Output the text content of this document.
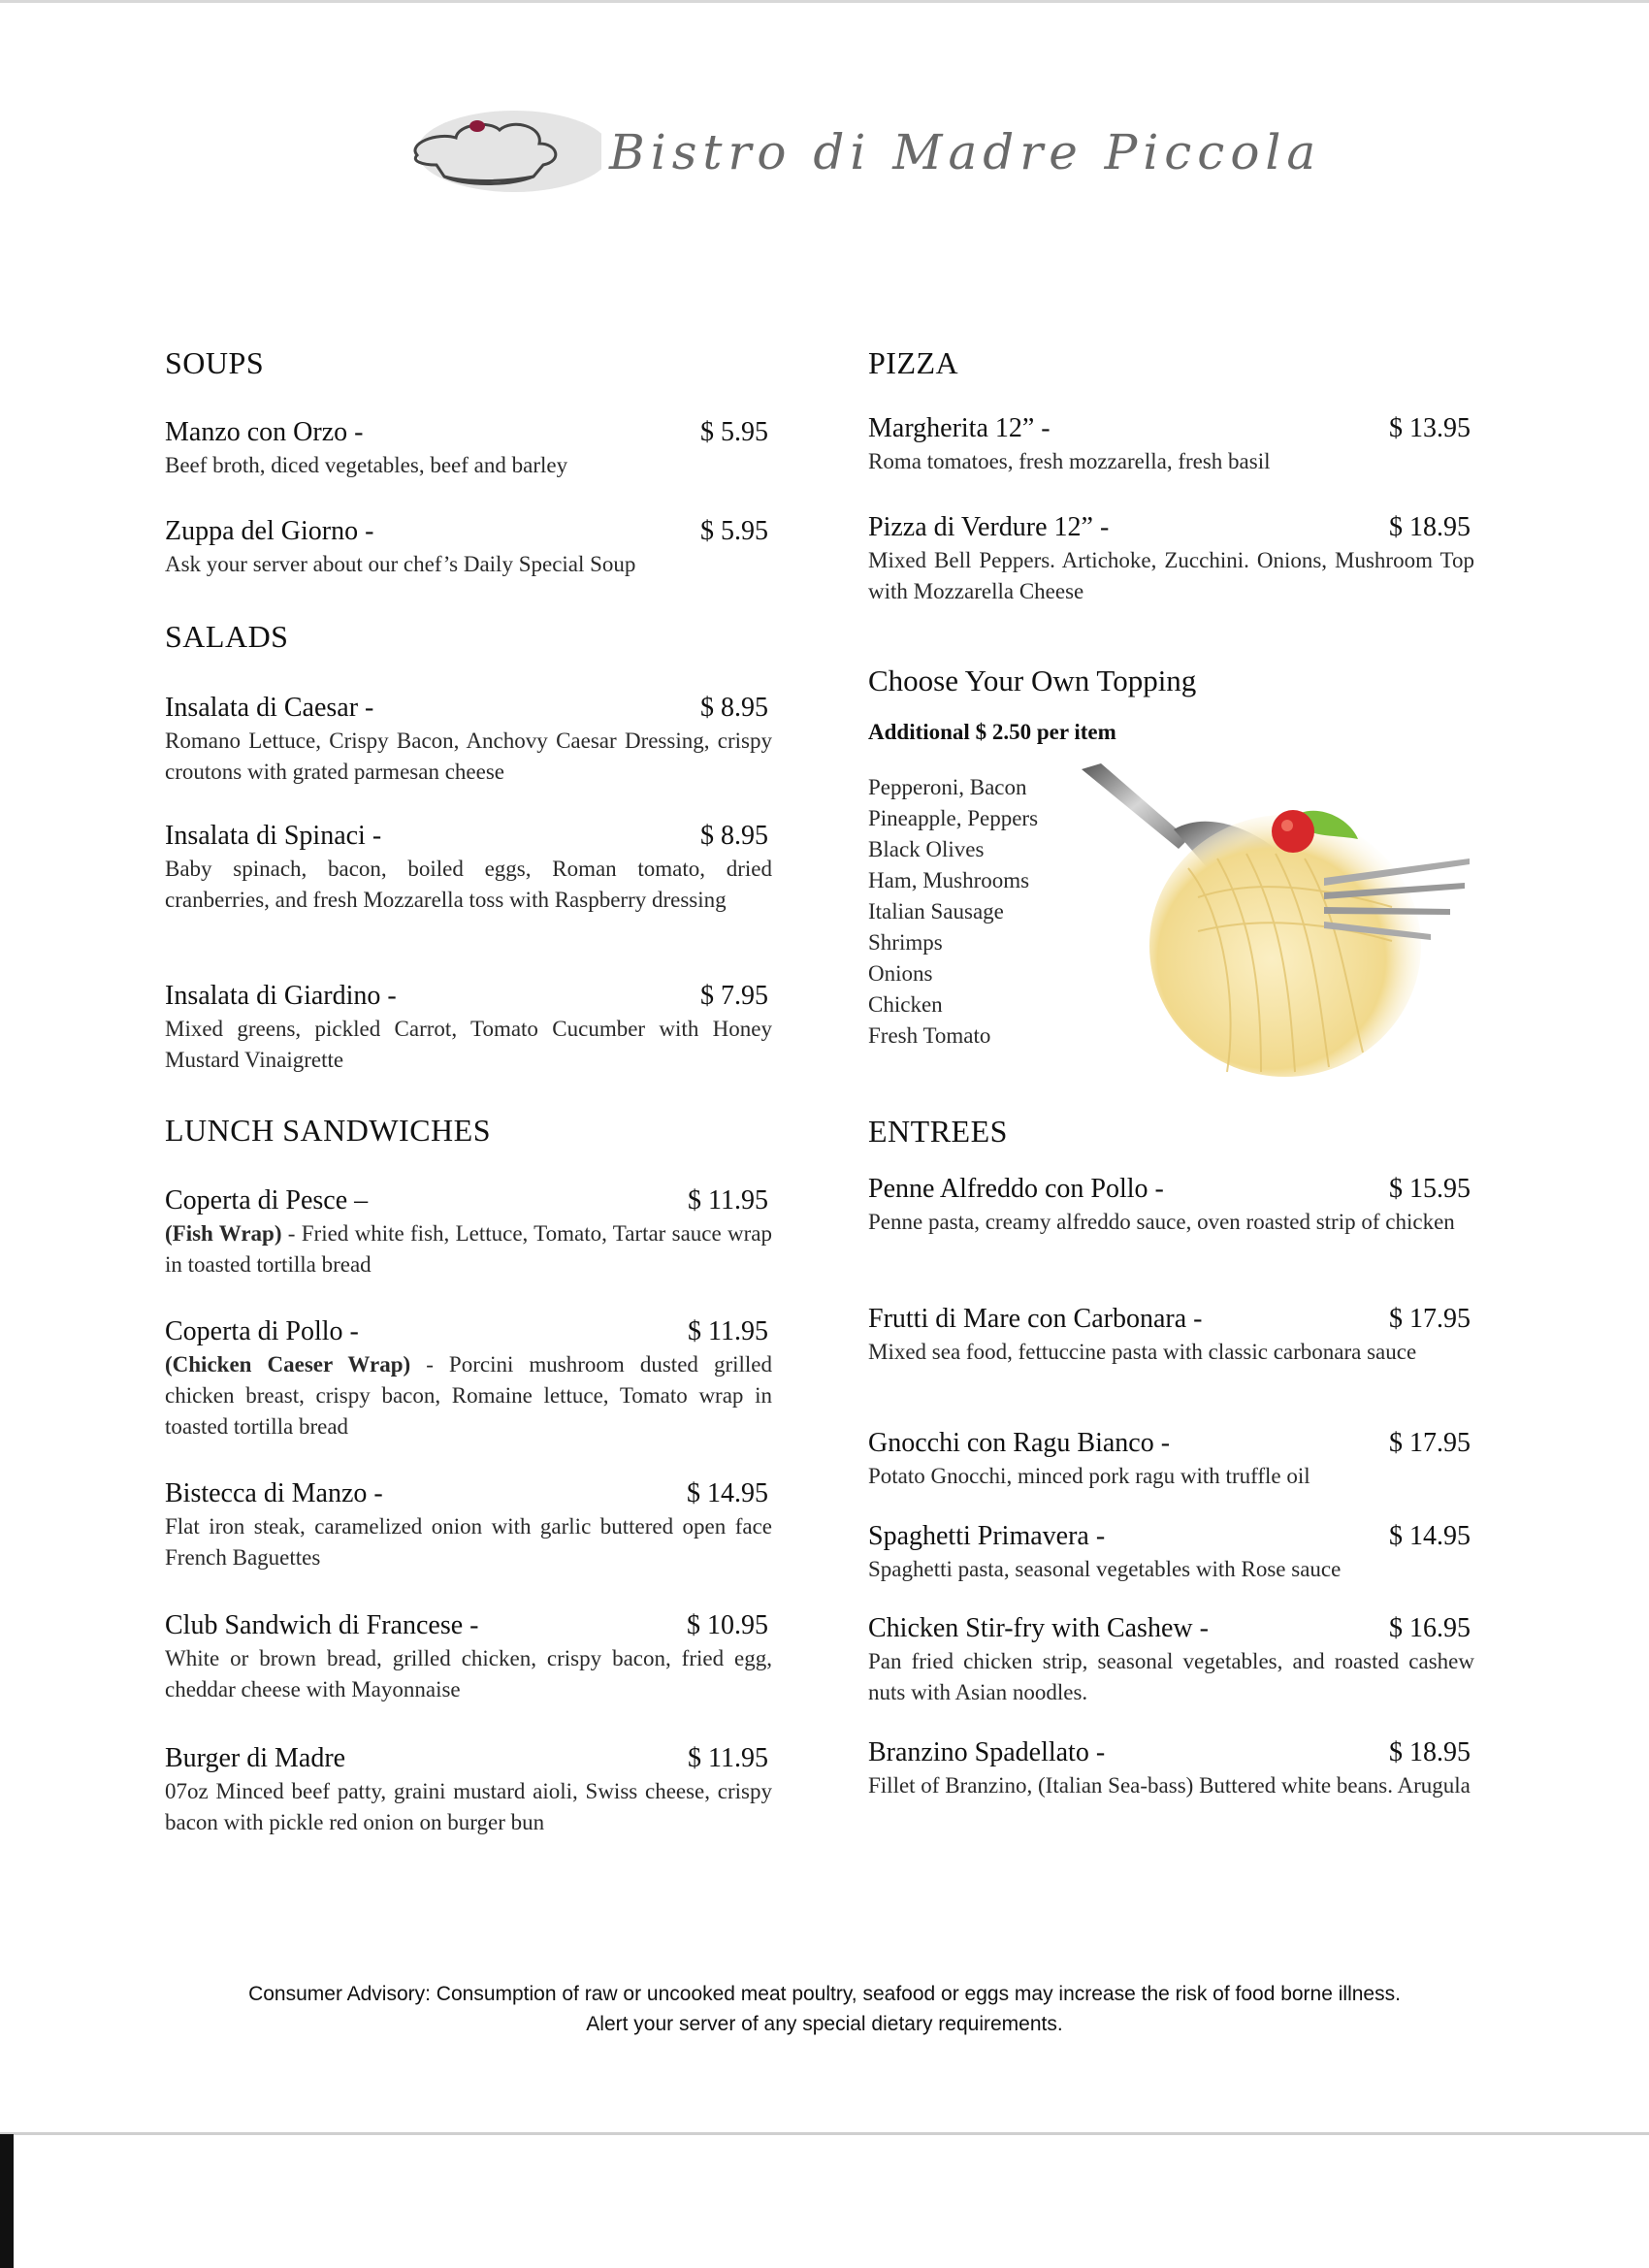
Bistro di Madre Piccola
SOUPS
Manzo con Orzo -	$ 5.95
Beef broth, diced vegetables, beef and barley
Zuppa del Giorno -	$ 5.95
Ask your server about our chef’s Daily Special Soup
SALADS
Insalata di Caesar -	$ 8.95
Romano Lettuce, Crispy Bacon, Anchovy Caesar Dressing, crispy croutons with grated parmesan cheese
Insalata di Spinaci -	$ 8.95
Baby spinach, bacon, boiled eggs, Roman tomato, dried cranberries, and fresh Mozzarella toss with Raspberry dressing
Insalata di Giardino -	$ 7.95
Mixed greens, pickled Carrot, Tomato Cucumber with Honey Mustard Vinaigrette
LUNCH SANDWICHES
Coperta di Pesce –	$ 11.95
(Fish Wrap) - Fried white fish, Lettuce, Tomato, Tartar sauce wrap in toasted tortilla bread
Coperta di Pollo -	$ 11.95
(Chicken Caeser Wrap) - Porcini mushroom dusted grilled chicken breast, crispy bacon, Romaine lettuce, Tomato wrap in toasted tortilla bread
Bistecca di Manzo -	$ 14.95
Flat iron steak, caramelized onion with garlic buttered open face French Baguettes
Club Sandwich di Francese -	$ 10.95
White or brown bread, grilled chicken, crispy bacon, fried egg, cheddar cheese with Mayonnaise
Burger di Madre	$ 11.95
07oz Minced beef patty, graini mustard aioli, Swiss cheese, crispy bacon with pickle red onion on burger bun
PIZZA
Margherita 12” -	$ 13.95
Roma tomatoes, fresh mozzarella, fresh basil
Pizza di Verdure 12” -	$ 18.95
Mixed Bell Peppers. Artichoke, Zucchini. Onions, Mushroom Top with Mozzarella Cheese
Choose Your Own Topping
Additional $ 2.50 per item
Pepperoni, Bacon
Pineapple, Peppers
Black Olives
Ham, Mushrooms
Italian Sausage
Shrimps
Onions
Chicken
Fresh Tomato
ENTREES
Penne Alfreddo con Pollo -	$ 15.95
Penne pasta, creamy alfreddo sauce, oven roasted strip of chicken
Frutti di Mare con Carbonara -	$ 17.95
Mixed sea food, fettuccine pasta with classic carbonara sauce
Gnocchi con Ragu Bianco -	$ 17.95
Potato Gnocchi, minced pork ragu with truffle oil
Spaghetti Primavera -	$ 14.95
Spaghetti pasta, seasonal vegetables with Rose sauce
Chicken Stir-fry with Cashew -	$ 16.95
Pan fried chicken strip, seasonal vegetables, and roasted cashew nuts with Asian noodles.
Branzino Spadellato -	$ 18.95
Fillet of Branzino, (Italian Sea-bass) Buttered white beans. Arugula
Consumer Advisory: Consumption of raw or uncooked meat poultry, seafood or eggs may increase the risk of food borne illness.
Alert your server of any special dietary requirements.
